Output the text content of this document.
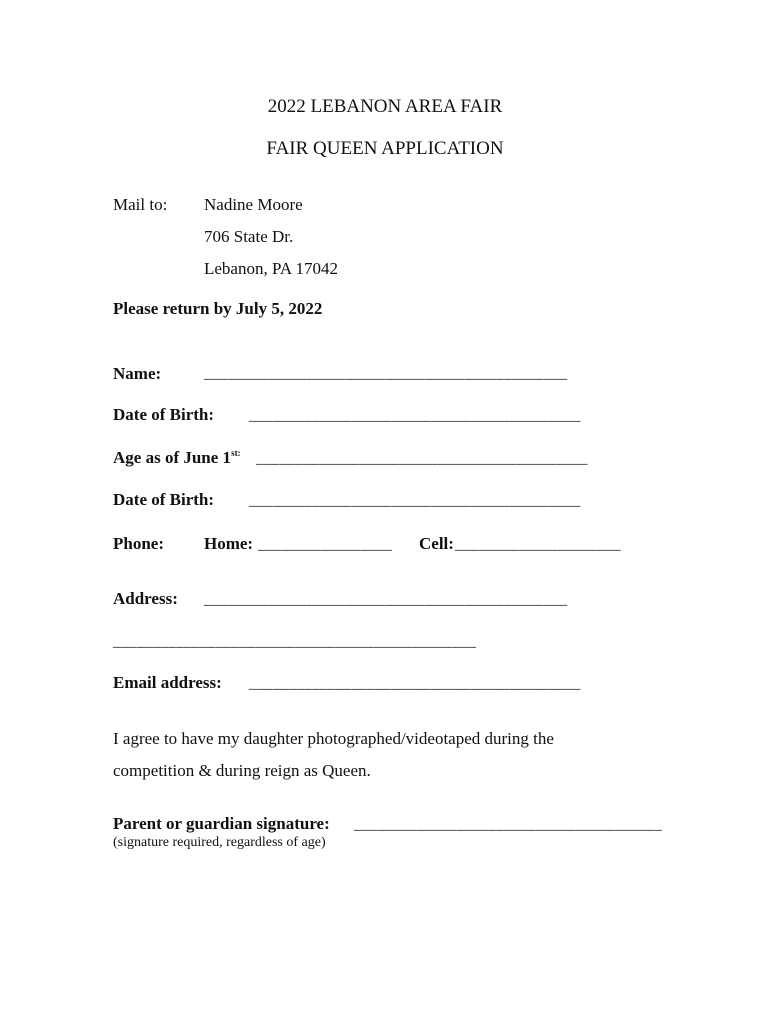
2022 LEBANON AREA FAIR
FAIR QUEEN APPLICATION
Mail to: Nadine Moore
706 State Dr.
Lebanon, PA 17042
Please return by July 5, 2022
Name:	______________________________________________
Date of Birth: __________________________________________
Age as of June $1^{st:}$ __________________________________________
Date of Birth: __________________________________________
Phone: Home: _________________ Cell: _____________________
Address: ______________________________________________
______________________________________________
Email address: __________________________________________
I agree to have my daughter photographed/videotaped during the
competition & during reign as Queen.
Parent or guardian signature: _______________________________________
(signature required, regardless of age)
